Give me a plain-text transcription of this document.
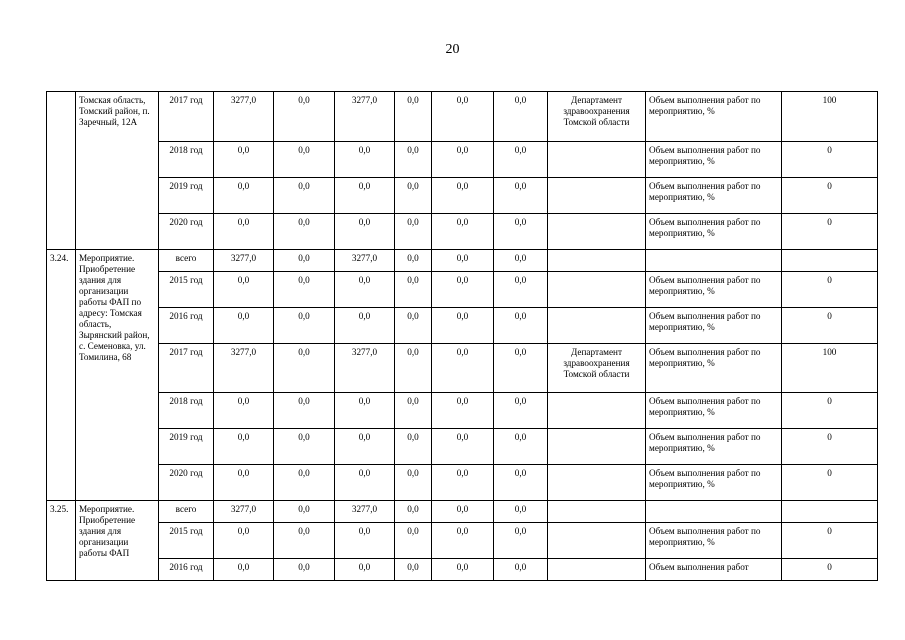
20
	Томская область, Томский район, п. Заречный, 12А	2017 год	3277,0	0,0	3277,0	0,0	0,0	0,0	Департамент здравоохранения Томской области	Объем выполнения работ по мероприятию, %	100
		2018 год	0,0	0,0	0,0	0,0	0,0	0,0		Объем выполнения работ по мероприятию, %	0
		2019 год	0,0	0,0	0,0	0,0	0,0	0,0		Объем выполнения работ по мероприятию, %	0
		2020 год	0,0	0,0	0,0	0,0	0,0	0,0		Объем выполнения работ по мероприятию, %	0
3.24.	Мероприятие. Приобретение здания для организации работы ФАП по адресу: Томская область, Зырянский район, с. Семеновка, ул. Томилина, 68	всего	3277,0	0,0	3277,0	0,0	0,0	0,0			
		2015 год	0,0	0,0	0,0	0,0	0,0	0,0		Объем выполнения работ по мероприятию, %	0
		2016 год	0,0	0,0	0,0	0,0	0,0	0,0		Объем выполнения работ по мероприятию, %	0
		2017 год	3277,0	0,0	3277,0	0,0	0,0	0,0	Департамент здравоохранения Томской области	Объем выполнения работ по мероприятию, %	100
		2018 год	0,0	0,0	0,0	0,0	0,0	0,0		Объем выполнения работ по мероприятию, %	0
		2019 год	0,0	0,0	0,0	0,0	0,0	0,0		Объем выполнения работ по мероприятию, %	0
		2020 год	0,0	0,0	0,0	0,0	0,0	0,0		Объем выполнения работ по мероприятию, %	0
3.25.	Мероприятие. Приобретение здания для организации работы ФАП	всего	3277,0	0,0	3277,0	0,0	0,0	0,0			
		2015 год	0,0	0,0	0,0	0,0	0,0	0,0		Объем выполнения работ по мероприятию, %	0
		2016 год	0,0	0,0	0,0	0,0	0,0	0,0		Объем выполнения работ	0
